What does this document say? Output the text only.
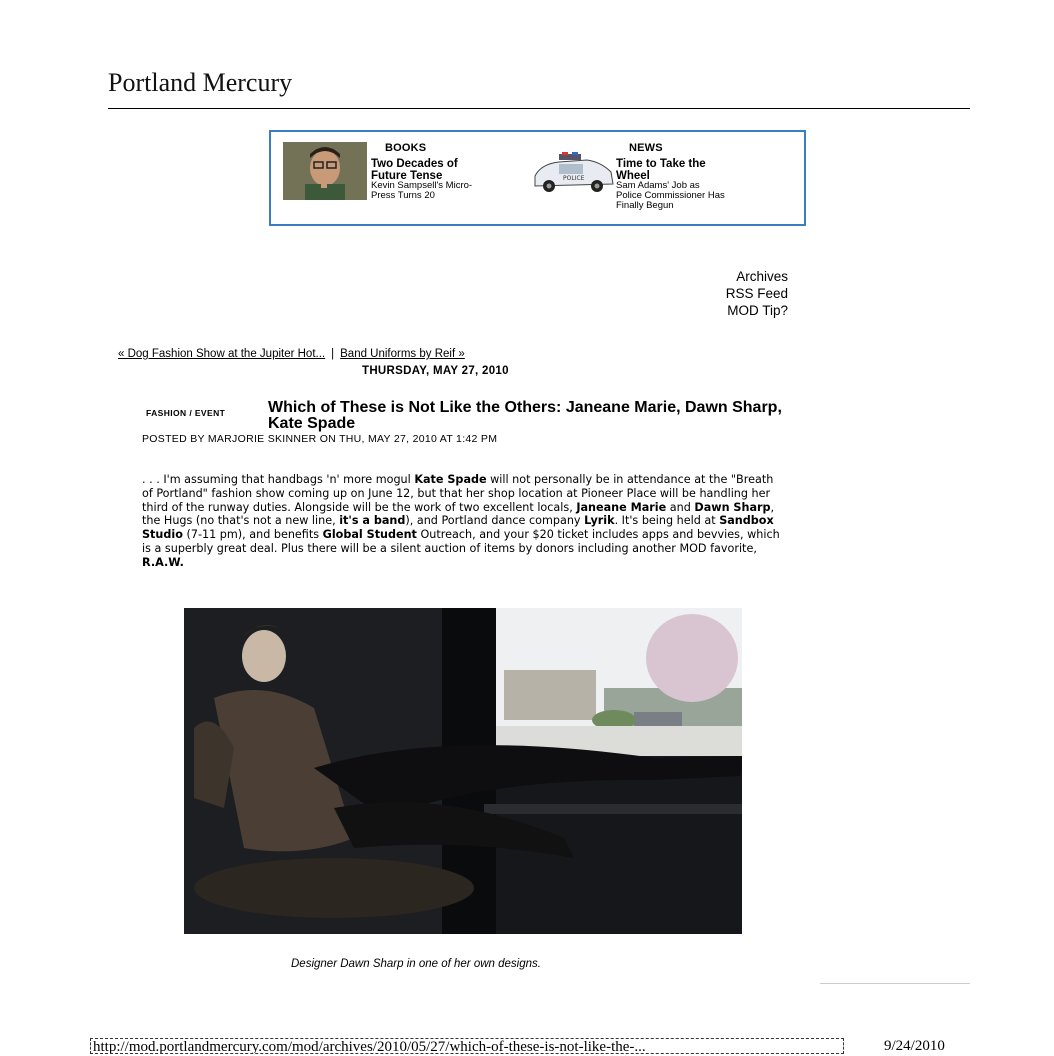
Portland Mercury
BOOKS
Two Decades of
Future Tense
Kevin Sampsell's Micro-
Press Turns 20
POLICE
NEWS
Time to Take the
Wheel
Sam Adams' Job as
Police Commissioner Has
Finally Begun
Archives
RSS Feed
MOD Tip?
« Dog Fashion Show at the Jupiter Hot... | Band Uniforms by Reif »
THURSDAY, MAY 27, 2010
FASHION / EVENT	Which of These is Not Like the Others: Janeane Marie, Dawn Sharp, Kate Spade
POSTED BY MARJORIE SKINNER ON THU, MAY 27, 2010 AT 1:42 PM
. . . I'm assuming that handbags 'n' more mogul Kate Spade will not personally be in attendance at the "Breath of Portland" fashion show coming up on June 12, but that her shop location at Pioneer Place will be handling her third of the runway duties. Alongside will be the work of two excellent locals, Janeane Marie and Dawn Sharp, the Hugs (no that's not a new line, it's a band), and Portland dance company Lyrik. It's being held at Sandbox Studio (7-11 pm), and benefits Global Student Outreach, and your $20 ticket includes apps and bevvies, which is a superbly great deal. Plus there will be a silent auction of items by donors including another MOD favorite, R.A.W.
Designer Dawn Sharp in one of her own designs.
http://mod.portlandmercury.com/mod/archives/2010/05/27/which-of-these-is-not-like-the-...	9/24/2010
